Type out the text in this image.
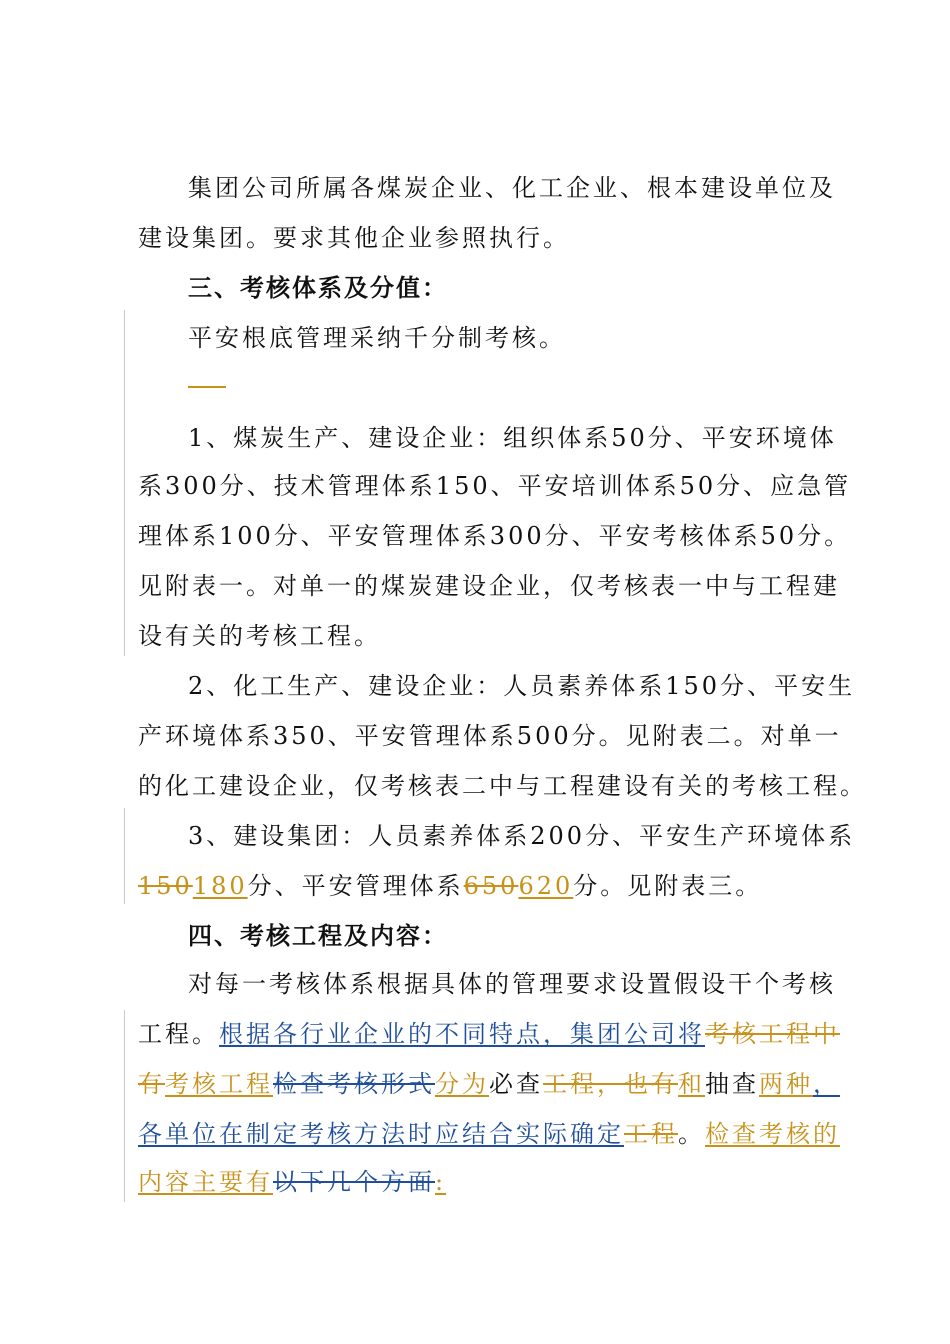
集团公司所属各煤炭企业、化工企业、根本建设单位及
建设集团。要求其他企业参照执行。
三、考核体系及分值：
平安根底管理采纳千分制考核。
1、煤炭生产、建设企业：组织体系50分、平安环境体
系300分、技术管理体系150、平安培训体系50分、应急管
理体系100分、平安管理体系300分、平安考核体系50分。
见附表一。对单一的煤炭建设企业，仅考核表一中与工程建
设有关的考核工程。
2、化工生产、建设企业：人员素养体系150分、平安生
产环境体系350、平安管理体系500分。见附表二。对单一
的化工建设企业，仅考核表二中与工程建设有关的考核工程。
3、建设集团：人员素养体系200分、平安生产环境体系
150180分、平安管理体系650620分。见附表三。
四、考核工程及内容：
对每一考核体系根据具体的管理要求设置假设干个考核
工程。根据各行业企业的不同特点，集团公司将考核工程中
有考核工程检查考核形式分为必查工程，也有和抽查两种，
各单位在制定考核方法时应结合实际确定工程。检查考核的
内容主要有以下几个方面:
